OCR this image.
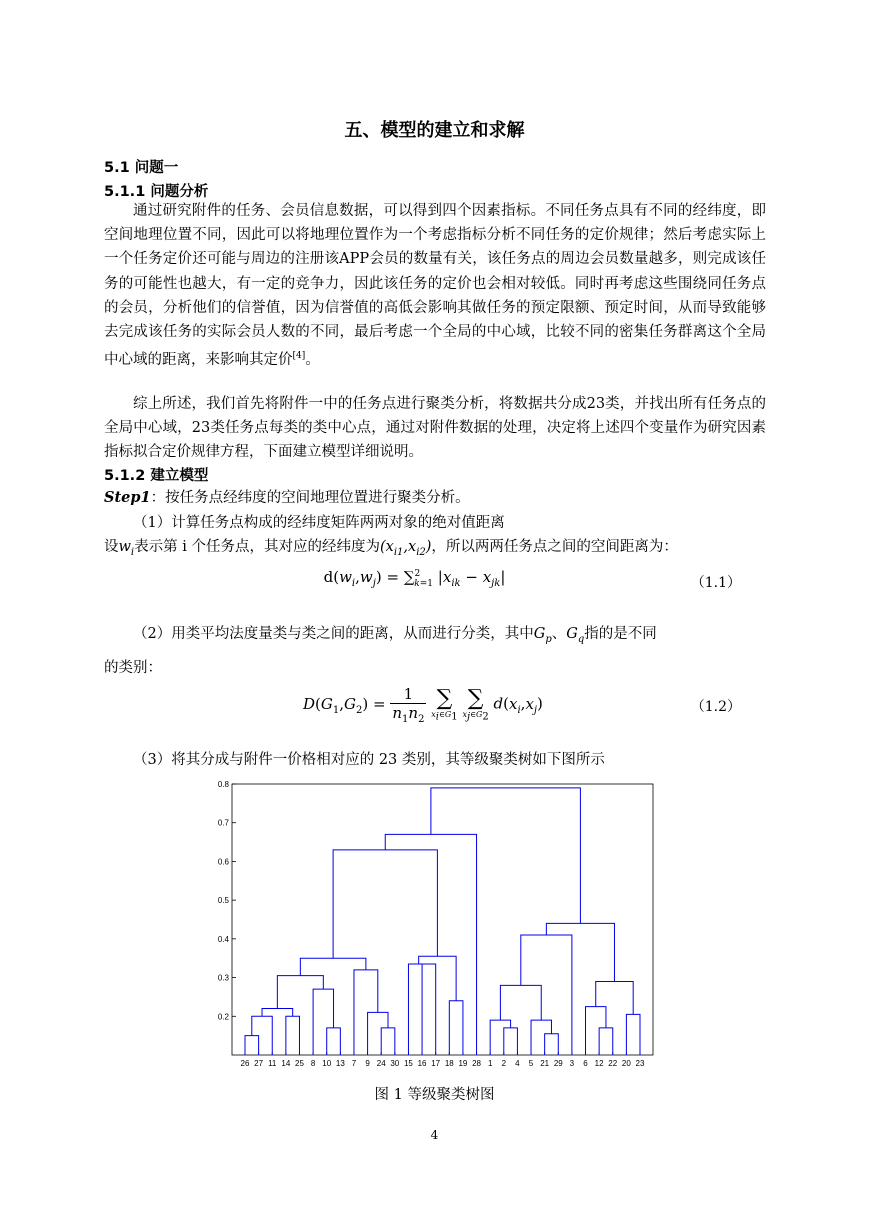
五、模型的建立和求解
5.1 问题一
5.1.1 问题分析

通过研究附件的任务、会员信息数据，可以得到四个因素指标。不同任务点具有不同的经纬度，即空间地理位置不同，因此可以将地理位置作为一个考虑指标分析不同任务的定价规律；然后考虑实际上一个任务定价还可能与周边的注册该APP会员的数量有关，该任务点的周边会员数量越多，则完成该任务的可能性也越大，有一定的竞争力，因此该任务的定价也会相对较低。同时再考虑这些围绕同任务点的会员，分析他们的信誉值，因为信誉值的高低会影响其做任务的预定限额、预定时间，从而导致能够去完成该任务的实际会员人数的不同，最后考虑一个全局的中心域，比较不同的密集任务群离这个全局中心域的距离，来影响其定价[4]。

综上所述，我们首先将附件一中的任务点进行聚类分析，将数据共分成23类，并找出所有任务点的全局中心域，23类任务点每类的类中心点，通过对附件数据的处理，决定将上述四个变量作为研究因素指标拟合定价规律方程，下面建立模型详细说明。

5.1.2 建立模型
Step1：按任务点经纬度的空间地理位置进行聚类分析。
（1）计算任务点构成的经纬度矩阵两两对象的绝对值距离
设$w_i$表示第 i 个任务点，其对应的经纬度为$(x_{i1},x_{i2})$，所以两两任务点之间的空间距离为：
$d(w_i,w_j) = \sum^2_{k=1}$ $|x_{ik} - x_{jk}|$	（1.1）
（2）用类平均法度量类与类之间的距离，从而进行分类，其中$G_p$、$G_q$指的是不同
的类别：
$D(G_1,G_2) = \frac{1}{n_1n_2}$ ∑
$x_i\in G_1$
∑
$x_j\in G_2$
$d(x_i,x_j)$	（1.2）
（3）将其分成与附件一价格相对应的 23 类别，其等级聚类树如下图所示
0.2
0.3
0.4
0.5
0.6
0.7
0.8
26 27 11 14 25 8 10 13 7 9 24 30 15 16 17 18 19 28 1 2 4 5 21 29 3 6 12 22 20 23
图 1 等级聚类树图
4
